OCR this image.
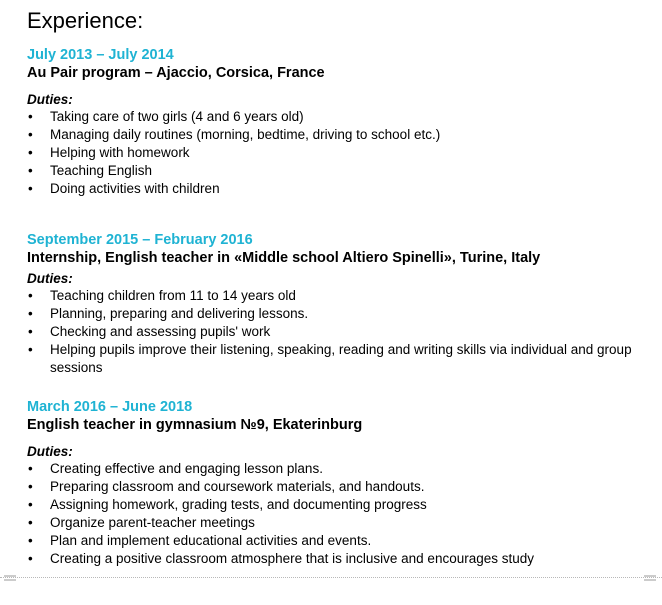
Experience:
July 2013 – July 2014
Au Pair program – Ajaccio, Corsica, France
Duties:
• Taking care of two girls (4 and 6 years old)
• Managing daily routines (morning, bedtime, driving to school etc.)
• Helping with homework
• Teaching English
• Doing activities with children
September 2015 – February 2016
Internship, English teacher in «Middle school Altiero Spinelli», Turine, Italy
Duties:
• Teaching children from 11 to 14 years old
• Planning, preparing and delivering lessons.
• Checking and assessing pupils' work
• Helping pupils improve their listening, speaking, reading and writing skills via individual and group sessions
March 2016 – June 2018
English teacher in gymnasium №9, Ekaterinburg
Duties:
• Creating effective and engaging lesson plans.
• Preparing classroom and coursework materials, and handouts.
• Assigning homework, grading tests, and documenting progress
• Organize parent-teacher meetings
• Plan and implement educational activities and events.
• Creating a positive classroom atmosphere that is inclusive and encourages study
